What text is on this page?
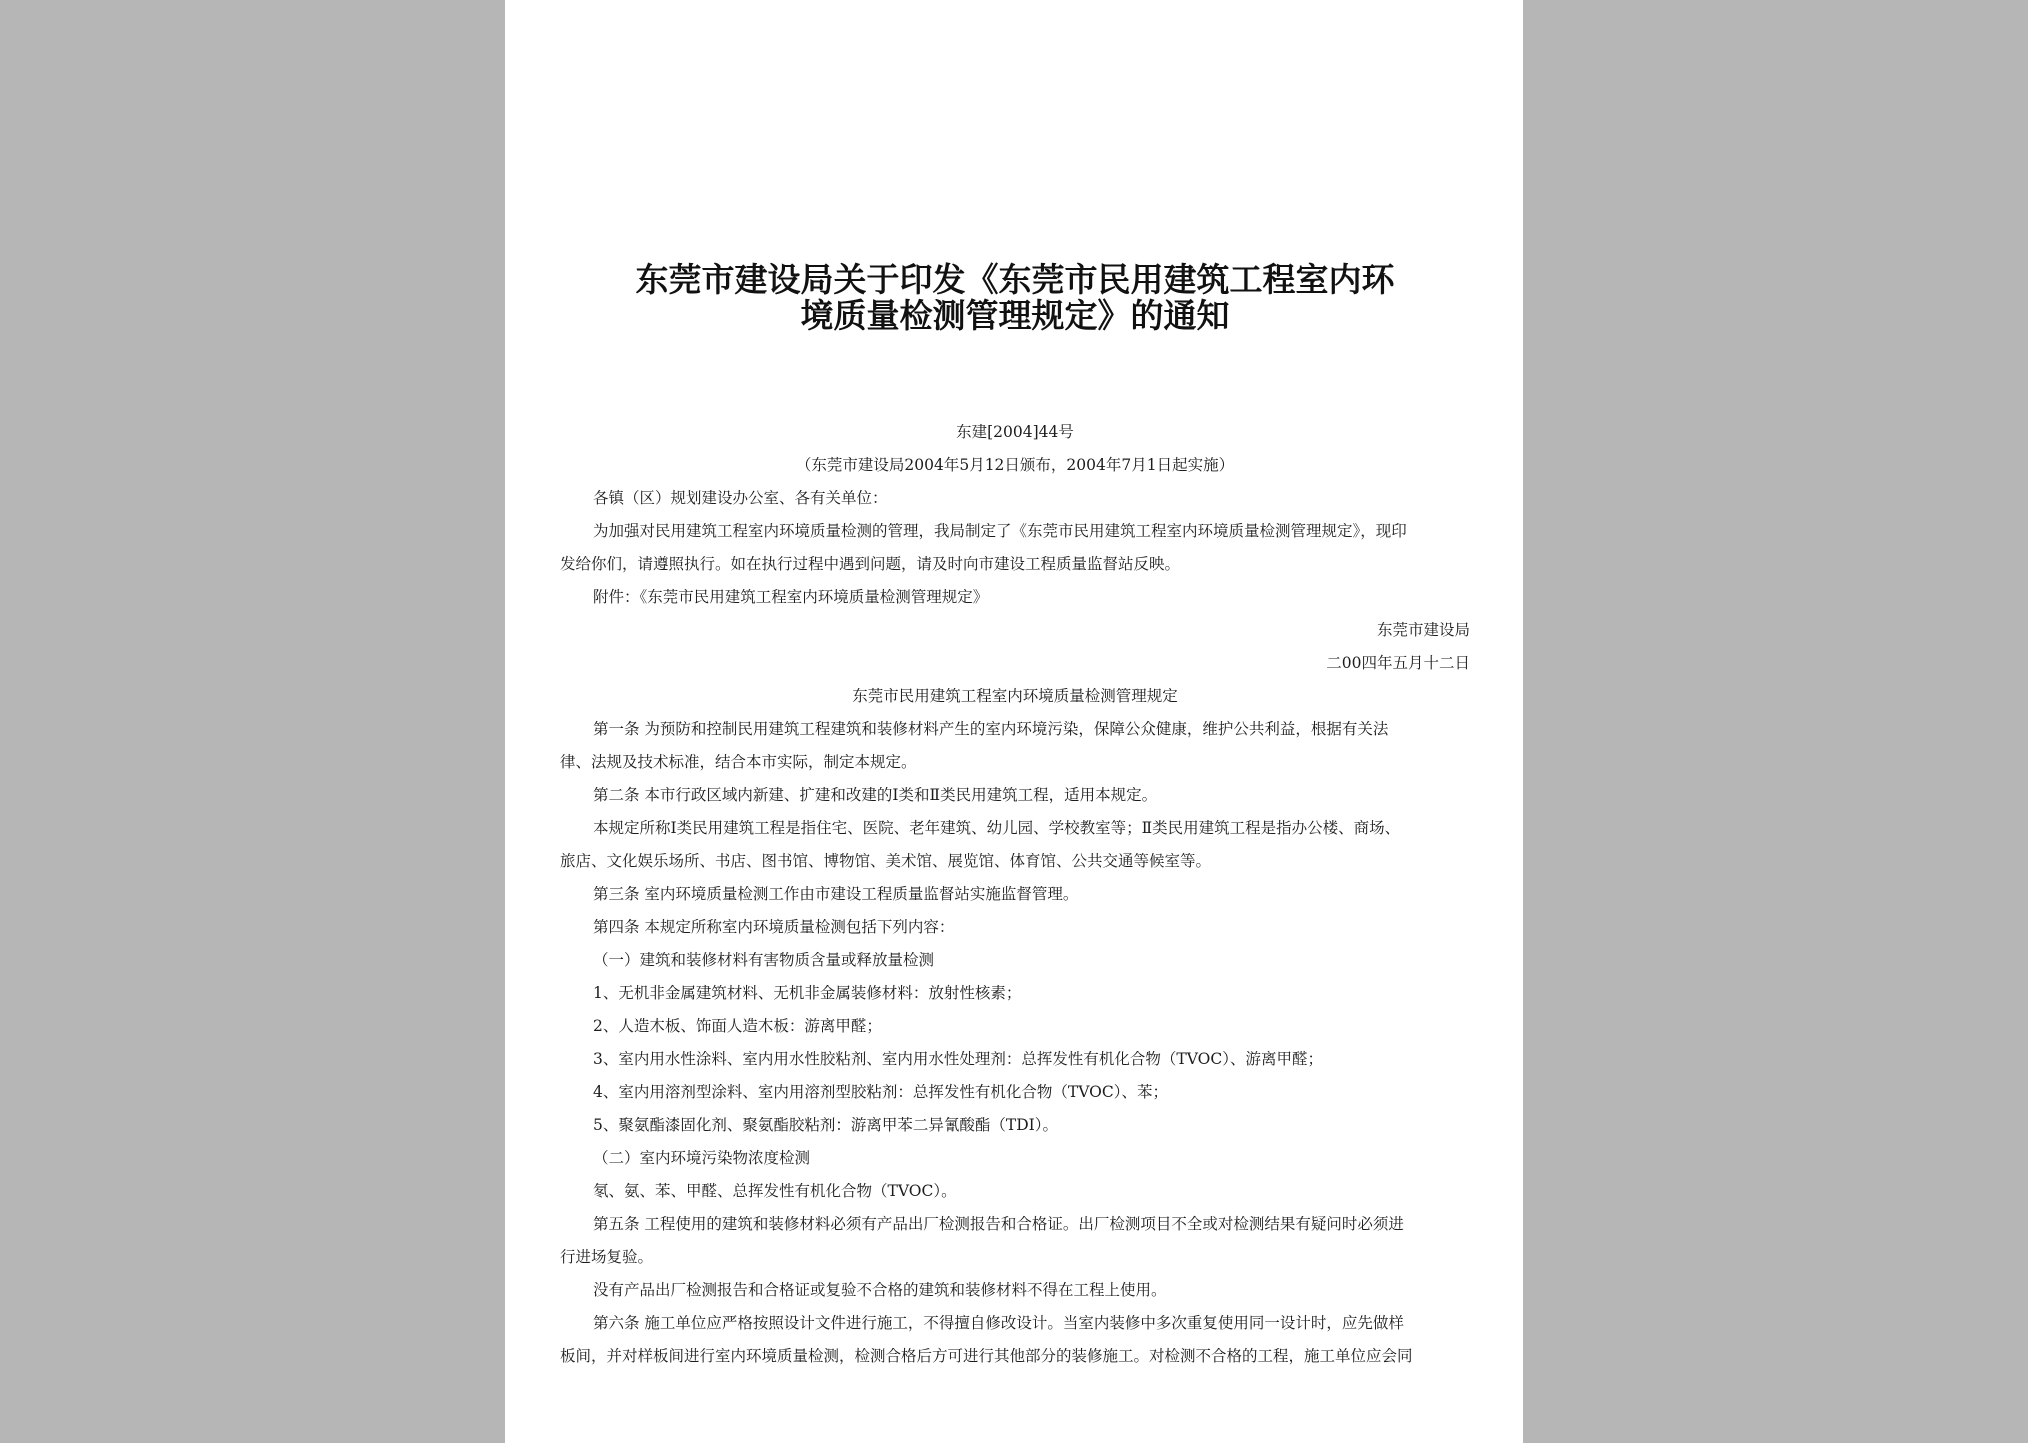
东莞市建设局关于印发《东莞市民用建筑工程室内环
境质量检测管理规定》的通知
东建[2004]44号
（东莞市建设局2004年5月12日颁布，2004年7月1日起实施）
各镇（区）规划建设办公室、各有关单位：
为加强对民用建筑工程室内环境质量检测的管理，我局制定了《东莞市民用建筑工程室内环境质量检测管理规定》，现印
发给你们，请遵照执行。如在执行过程中遇到问题，请及时向市建设工程质量监督站反映。
附件：《东莞市民用建筑工程室内环境质量检测管理规定》
东莞市建设局
二00四年五月十二日
东莞市民用建筑工程室内环境质量检测管理规定
第一条 为预防和控制民用建筑工程建筑和装修材料产生的室内环境污染，保障公众健康，维护公共利益，根据有关法
律、法规及技术标准，结合本市实际，制定本规定。
第二条 本市行政区域内新建、扩建和改建的Ⅰ类和Ⅱ类民用建筑工程，适用本规定。
本规定所称Ⅰ类民用建筑工程是指住宅、医院、老年建筑、幼儿园、学校教室等；Ⅱ类民用建筑工程是指办公楼、商场、
旅店、文化娱乐场所、书店、图书馆、博物馆、美术馆、展览馆、体育馆、公共交通等候室等。
第三条 室内环境质量检测工作由市建设工程质量监督站实施监督管理。
第四条 本规定所称室内环境质量检测包括下列内容：
（一）建筑和装修材料有害物质含量或释放量检测
1、无机非金属建筑材料、无机非金属装修材料：放射性核素；
2、人造木板、饰面人造木板：游离甲醛；
3、室内用水性涂料、室内用水性胶粘剂、室内用水性处理剂：总挥发性有机化合物（TVOC）、游离甲醛；
4、室内用溶剂型涂料、室内用溶剂型胶粘剂：总挥发性有机化合物（TVOC）、苯；
5、聚氨酯漆固化剂、聚氨酯胶粘剂：游离甲苯二异氰酸酯（TDI）。
（二）室内环境污染物浓度检测
氡、氨、苯、甲醛、总挥发性有机化合物（TVOC）。
第五条 工程使用的建筑和装修材料必须有产品出厂检测报告和合格证。出厂检测项目不全或对检测结果有疑问时必须进
行进场复验。
没有产品出厂检测报告和合格证或复验不合格的建筑和装修材料不得在工程上使用。
第六条 施工单位应严格按照设计文件进行施工，不得擅自修改设计。当室内装修中多次重复使用同一设计时，应先做样
板间，并对样板间进行室内环境质量检测，检测合格后方可进行其他部分的装修施工。对检测不合格的工程，施工单位应会同
